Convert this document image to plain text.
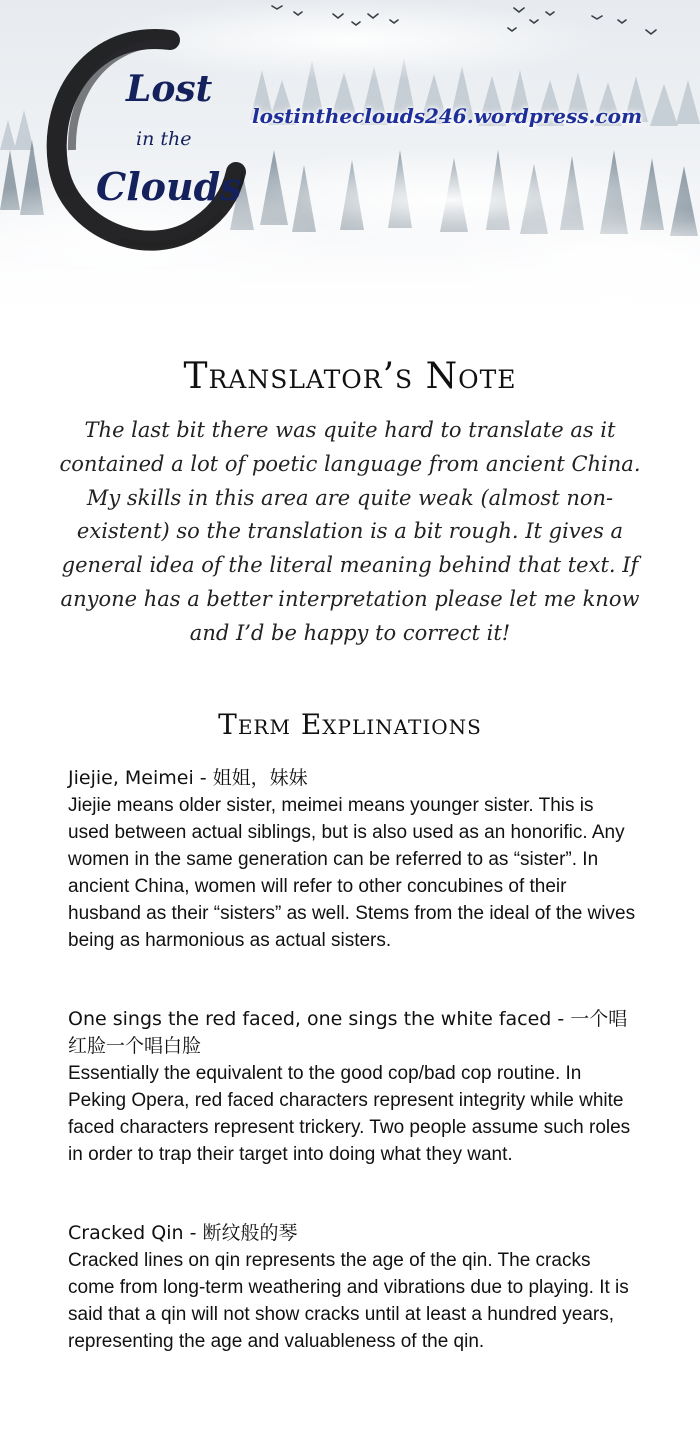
Lost
in the
Clouds
lostintheclouds246.wordpress.com
Translator’s Note
The last bit there was quite hard to translate as it contained a lot of poetic language from ancient China. My skills in this area are quite weak (almost non-existent) so the translation is a bit rough. It gives a general idea of the literal meaning behind that text. If anyone has a better interpretation please let me know and I’d be happy to correct it!
Term Explinations
Jiejie, Meimei - 姐姐，妹妹
Jiejie means older sister, meimei means younger sister. This is used between actual siblings, but is also used as an honorific. Any women in the same generation can be referred to as “sister”. In ancient China, women will refer to other concubines of their husband as their “sisters” as well. Stems from the ideal of the wives being as harmonious as actual sisters.
One sings the red faced, one sings the white faced - 一个唱红脸一个唱白脸
Essentially the equivalent to the good cop/bad cop routine. In Peking Opera, red faced characters represent integrity while white faced characters represent trickery. Two people assume such roles in order to trap their target into doing what they want.
Cracked Qin - 断纹般的琴
Cracked lines on qin represents the age of the qin. The cracks come from long-term weathering and vibrations due to playing. It is said that a qin will not show cracks until at least a hundred years, representing the age and valuableness of the qin.
